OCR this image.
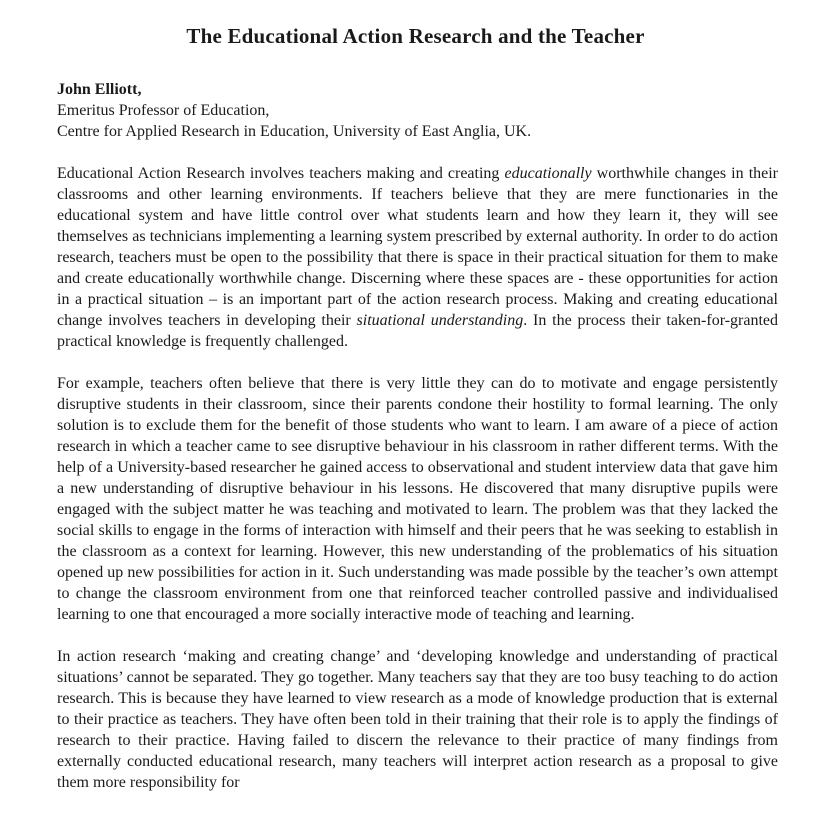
The Educational Action Research and the Teacher
John Elliott,
Emeritus Professor of Education,
Centre for Applied Research in Education, University of East Anglia, UK.

Educational Action Research involves teachers making and creating educationally worthwhile changes in their classrooms and other learning environments. If teachers believe that they are mere functionaries in the educational system and have little control over what students learn and how they learn it, they will see themselves as technicians implementing a learning system prescribed by external authority. In order to do action research, teachers must be open to the possibility that there is space in their practical situation for them to make and create educationally worthwhile change. Discerning where these spaces are - these opportunities for action in a practical situation – is an important part of the action research process. Making and creating educational change involves teachers in developing their situational understanding. In the process their taken-for-granted practical knowledge is frequently challenged.

For example, teachers often believe that there is very little they can do to motivate and engage persistently disruptive students in their classroom, since their parents condone their hostility to formal learning. The only solution is to exclude them for the benefit of those students who want to learn. I am aware of a piece of action research in which a teacher came to see disruptive behaviour in his classroom in rather different terms. With the help of a University-based researcher he gained access to observational and student interview data that gave him a new understanding of disruptive behaviour in his lessons. He discovered that many disruptive pupils were engaged with the subject matter he was teaching and motivated to learn. The problem was that they lacked the social skills to engage in the forms of interaction with himself and their peers that he was seeking to establish in the classroom as a context for learning. However, this new understanding of the problematics of his situation opened up new possibilities for action in it. Such understanding was made possible by the teacher’s own attempt to change the classroom environment from one that reinforced teacher controlled passive and individualised learning to one that encouraged a more socially interactive mode of teaching and learning.

In action research ‘making and creating change’ and ‘developing knowledge and understanding of practical situations’ cannot be separated. They go together. Many teachers say that they are too busy teaching to do action research. This is because they have learned to view research as a mode of knowledge production that is external to their practice as teachers. They have often been told in their training that their role is to apply the findings of research to their practice. Having failed to discern the relevance to their practice of many findings from externally conducted educational research, many teachers will interpret action research as a proposal to give them more responsibility for
